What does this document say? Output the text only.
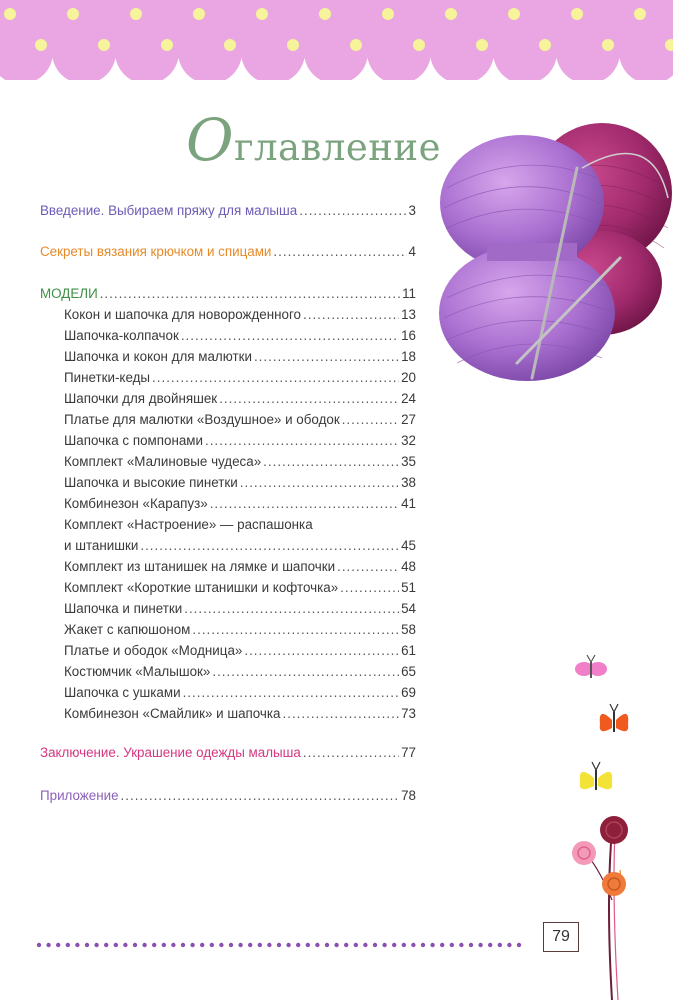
Оглавление
Введение. Выбираем пряжу для малыша .....	3
Секреты вязания крючком и спицами .....	4
МОДЕЛИ .....	11
Кокон и шапочка для новорожденного .....	13
Шапочка-колпачок .....	16
Шапочка и кокон для малютки .....	18
Пинетки-кеды .....	20
Шапочки для двойняшек .....	24
Платье для малютки «Воздушное» и ободок .....	27
Шапочка с помпонами .....	32
Комплект «Малиновые чудеса» .....	35
Шапочка и высокие пинетки .....	38
Комбинезон «Карапуз» .....	41
Комплект «Настроение» — распашонка
и штанишки .....	45
Комплект из штанишек на лямке и шапочки .....	48
Комплект «Короткие штанишки и кофточка» .....	51
Шапочка и пинетки .....	54
Жакет с капюшоном .....	58
Платье и ободок «Модница» .....	61
Костюмчик «Малышок» .....	65
Шапочка с ушками .....	69
Комбинезон «Смайлик» и шапочка .....	73
Заключение. Украшение одежды малыша .....	77
Приложение .....	78
79
